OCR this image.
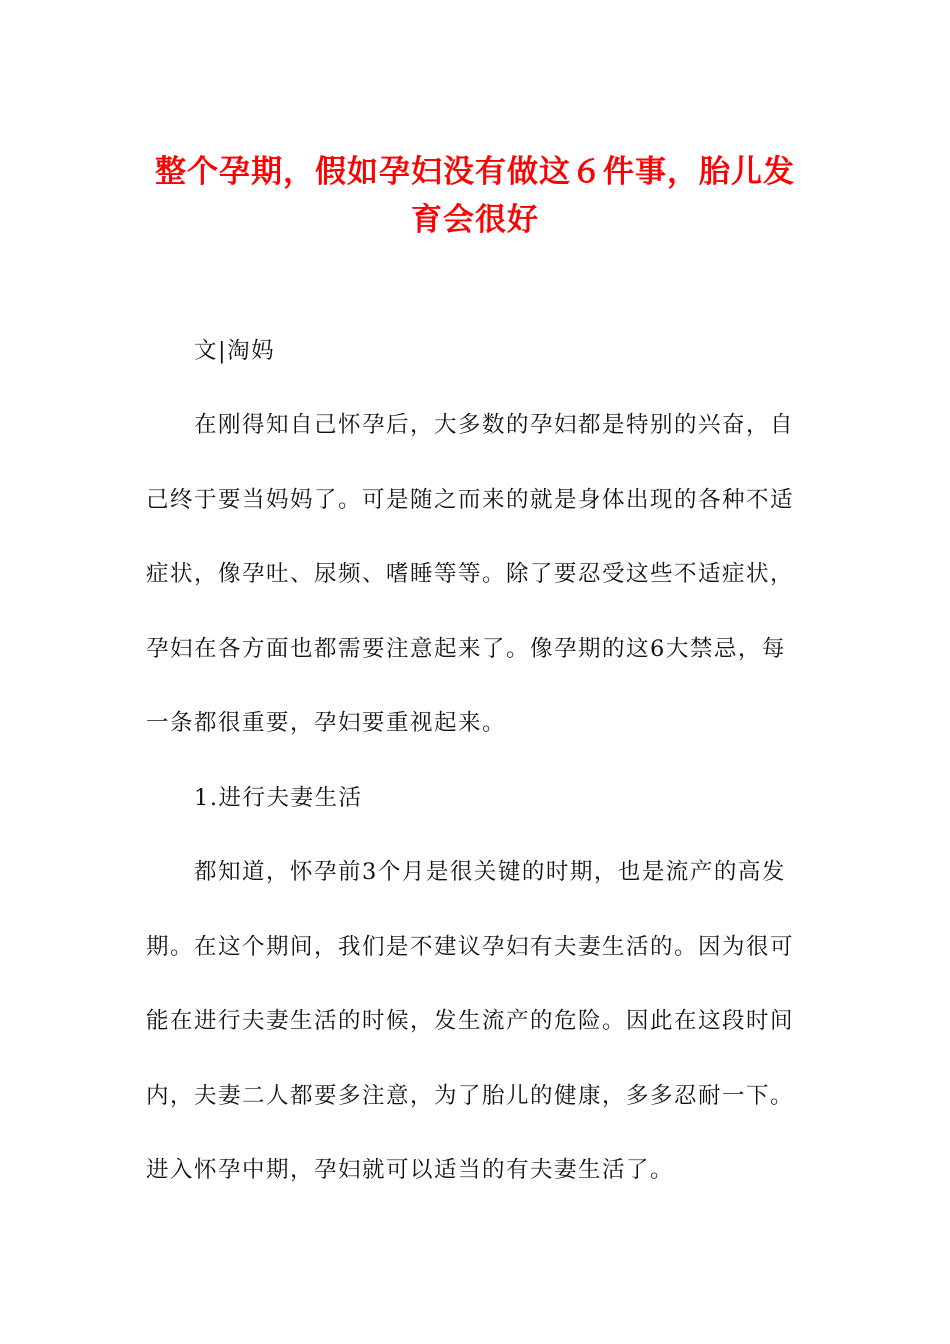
整个孕期，假如孕妇没有做这６件事，胎儿发育会很好

文|淘妈

在刚得知自己怀孕后，大多数的孕妇都是特别的兴奋，自己终于要当妈妈了。可是随之而来的就是身体出现的各种不适症状，像孕吐、尿频、嗜睡等等。除了要忍受这些不适症状，孕妇在各方面也都需要注意起来了。像孕期的这6大禁忌，每一条都很重要，孕妇要重视起来。

1.进行夫妻生活

都知道，怀孕前3个月是很关键的时期，也是流产的高发期。在这个期间，我们是不建议孕妇有夫妻生活的。因为很可能在进行夫妻生活的时候，发生流产的危险。因此在这段时间内，夫妻二人都要多注意，为了胎儿的健康，多多忍耐一下。进入怀孕中期，孕妇就可以适当的有夫妻生活了。
